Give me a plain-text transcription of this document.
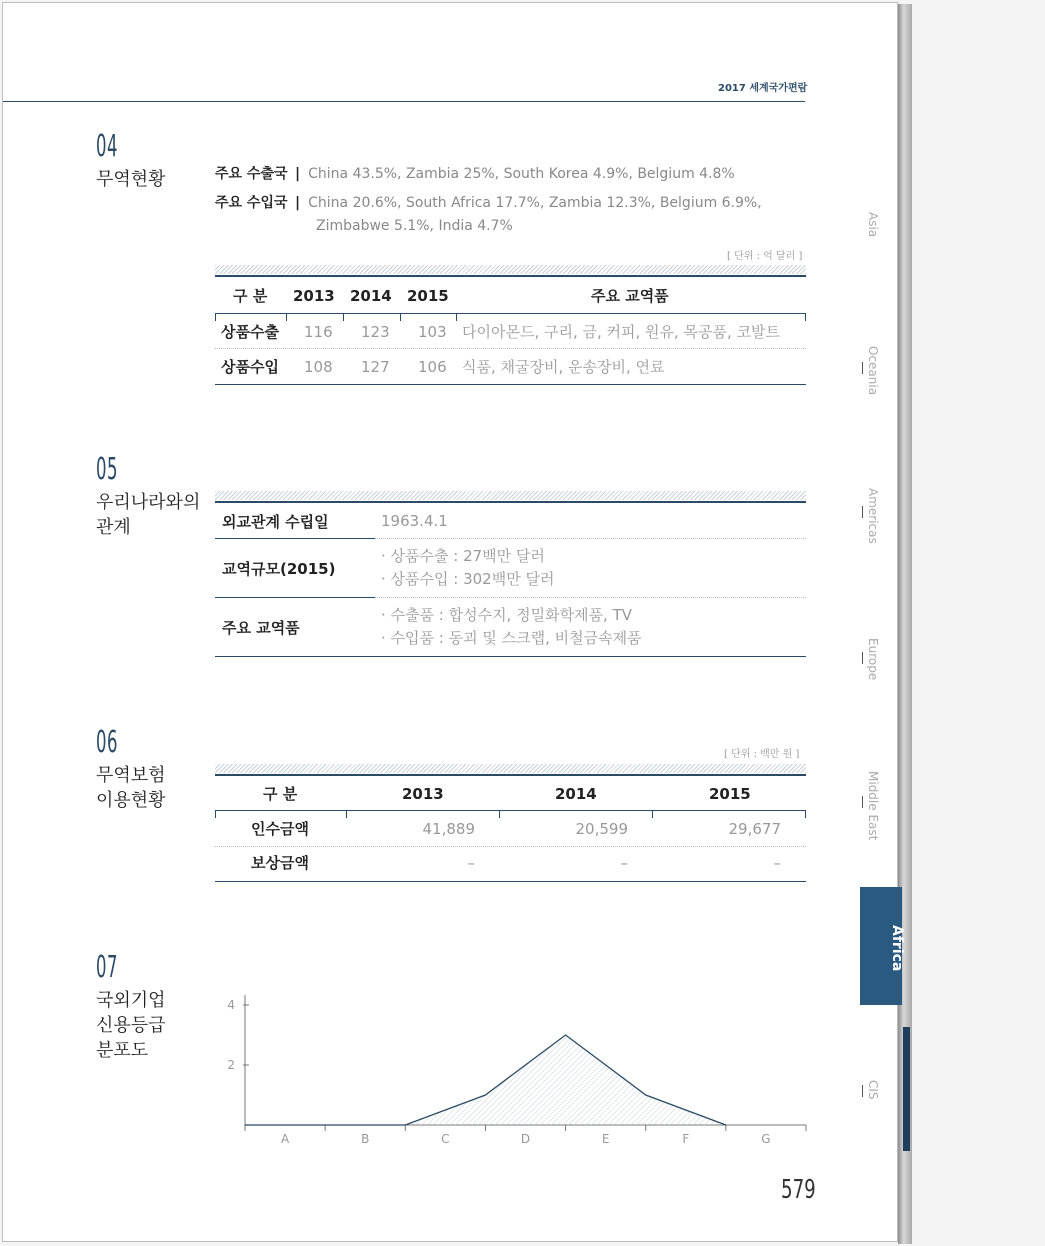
2017 세계국가편람
04
무역현황	주요 수출국 | China 43.5%, Zambia 25%, South Korea 4.9%, Belgium 4.8%
주요 수입국 | China 20.6%, South Africa 17.7%, Zambia 12.3%, Belgium 6.9%,
Zimbabwe 5.1%, India 4.7%
[ 단위 : 억 달러 ]
구 분 2013 2014 2015	주요 교역품
상품수출 116 123 103 다이아몬드, 구리, 금, 커피, 원유, 목공품, 코발트
상품수입 108 127 106 식품, 채굴장비, 운송장비, 연료
05
우리나라와의
관계	외교관계 수립일	1963.4.1
교역규모(2015)
· 상품수출 : 27백만 달러
· 상품수입 : 302백만 달러
주요 교역품
· 수출품 : 합성수지, 정밀화학제품, TV
· 수입품 : 동괴 및 스크랩, 비철금속제품
06
무역보험
이용현황
[ 단위 : 백만 원 ]
구 분	2013	2014	2015
인수금액	41,889	20,599	29,677
보상금액	–	–	–
07
국외기업
신용등급
분포도
2
4
A	B	C	D	E	F	G
579
Asia
Oceania
Americas
Europe
Middle East
Africa
CIS
